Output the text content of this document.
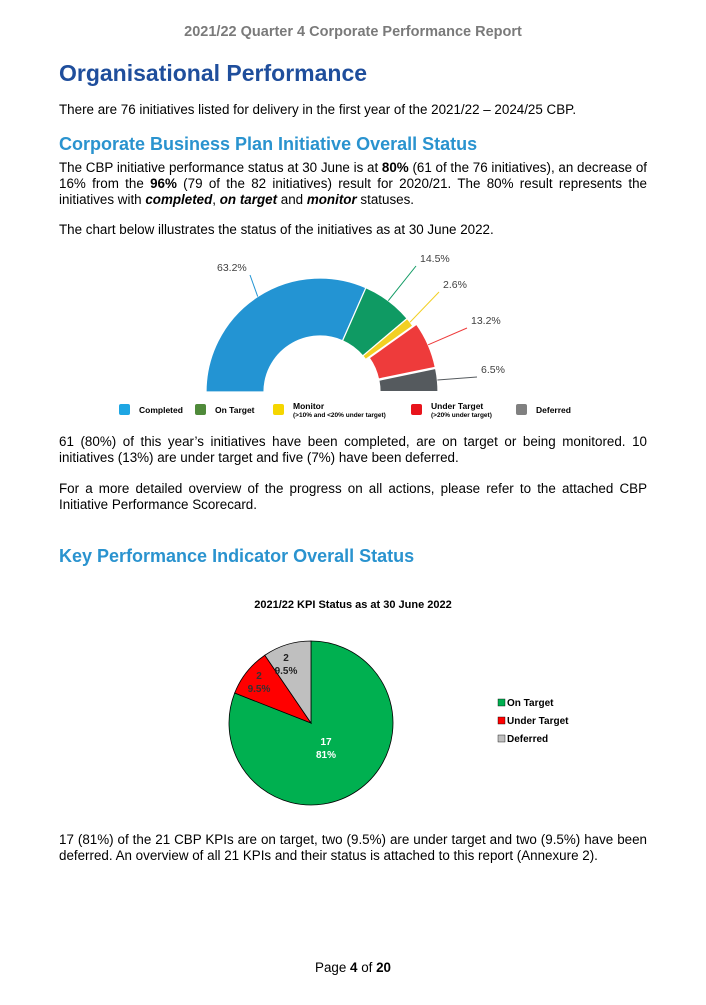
2021/22 Quarter 4 Corporate Performance Report
Organisational Performance
There are 76 initiatives listed for delivery in the first year of the 2021/22 – 2024/25 CBP.
Corporate Business Plan Initiative Overall Status
The CBP initiative performance status at 30 June is at 80% (61 of the 76 initiatives), an decrease of 16% from the 96% (79 of the 82 initiatives) result for 2020/21. The 80% result represents the initiatives with completed, on target and monitor statuses.
The chart below illustrates the status of the initiatives as at 30 June 2022.
63.2%
14.5%
2.6%
13.2%
6.5%
Completed	On Target	Monitor
(>10% and <20% under target)
Under Target
(>20% under target)
Deferred
61 (80%) of this year’s initiatives have been completed, are on target or being monitored. 10 initiatives (13%) are under target and five (7%) have been deferred.
For a more detailed overview of the progress on all actions, please refer to the attached CBP Initiative Performance Scorecard.
Key Performance Indicator Overall Status
2021/22 KPI Status as at 30 June 2022
17
81%
2
9.5%
2
9.5%
On Target
Under Target
Deferred
17 (81%) of the 21 CBP KPIs are on target, two (9.5%) are under target and two (9.5%) have been deferred. An overview of all 21 KPIs and their status is attached to this report (Annexure 2).
Page 4 of 20
